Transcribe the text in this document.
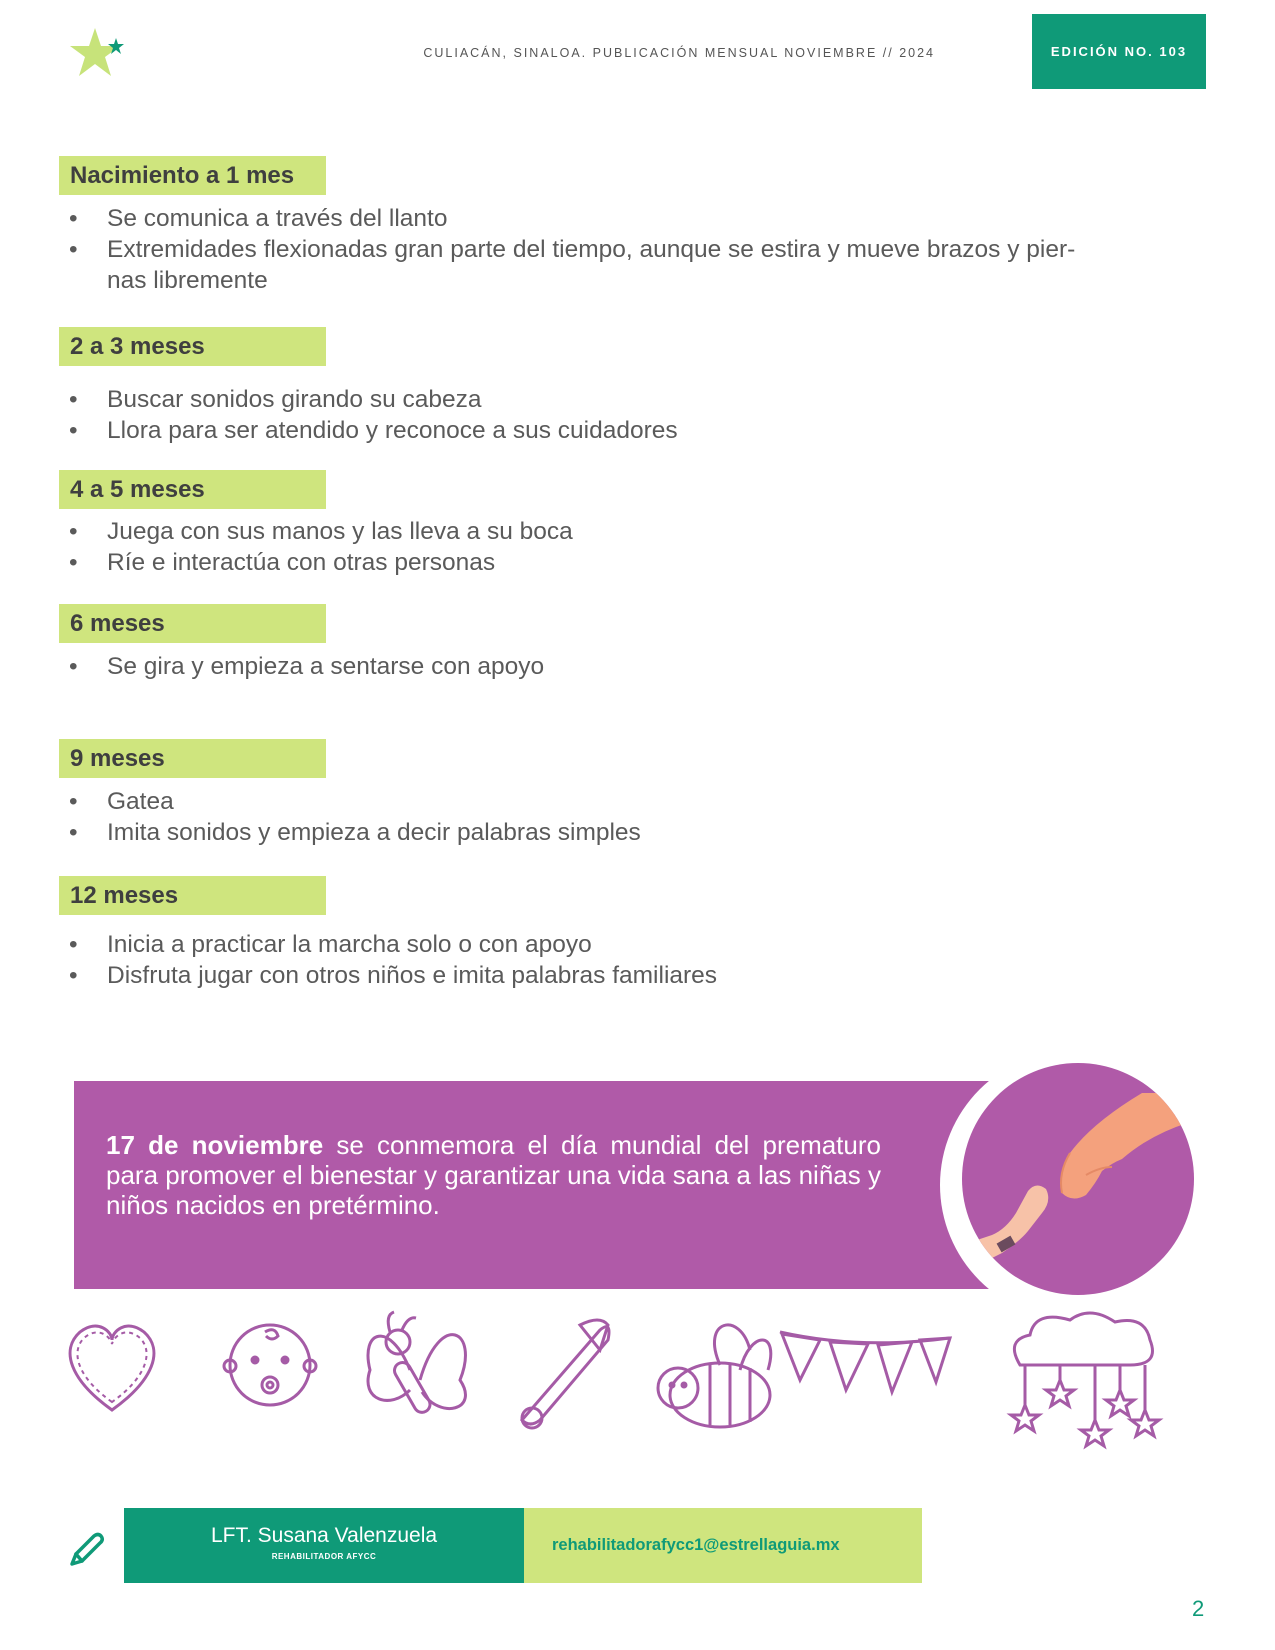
CULIACÁN, SINALOA. PUBLICACIÓN MENSUAL NOVIEMBRE // 2024	EDICIÓN NO. 103
Nacimiento a 1 mes
• Se comunica a través del llanto
• Extremidades flexionadas gran parte del tiempo, aunque se estira y mueve brazos y pier-
nas libremente
2 a 3 meses
• Buscar sonidos girando su cabeza
• Llora para ser atendido y reconoce a sus cuidadores
4 a 5 meses
• Juega con sus manos y las lleva a su boca
• Ríe e interactúa con otras personas
6 meses
• Se gira y empieza a sentarse con apoyo
9 meses
• Gatea
• Imita sonidos y empieza a decir palabras simples
12 meses
• Inicia a practicar la marcha solo o con apoyo
• Disfruta jugar con otros niños e imita palabras familiares
17 de noviembre se conmemora el día mundial del prematuro para promover el bienestar y garantizar una vida sana a las niñas y niños nacidos en pretérmino.
LFT. Susana Valenzuela
REHABILITADOR AFYCC
rehabilitadorafycc1@estrellaguia.mx
2
